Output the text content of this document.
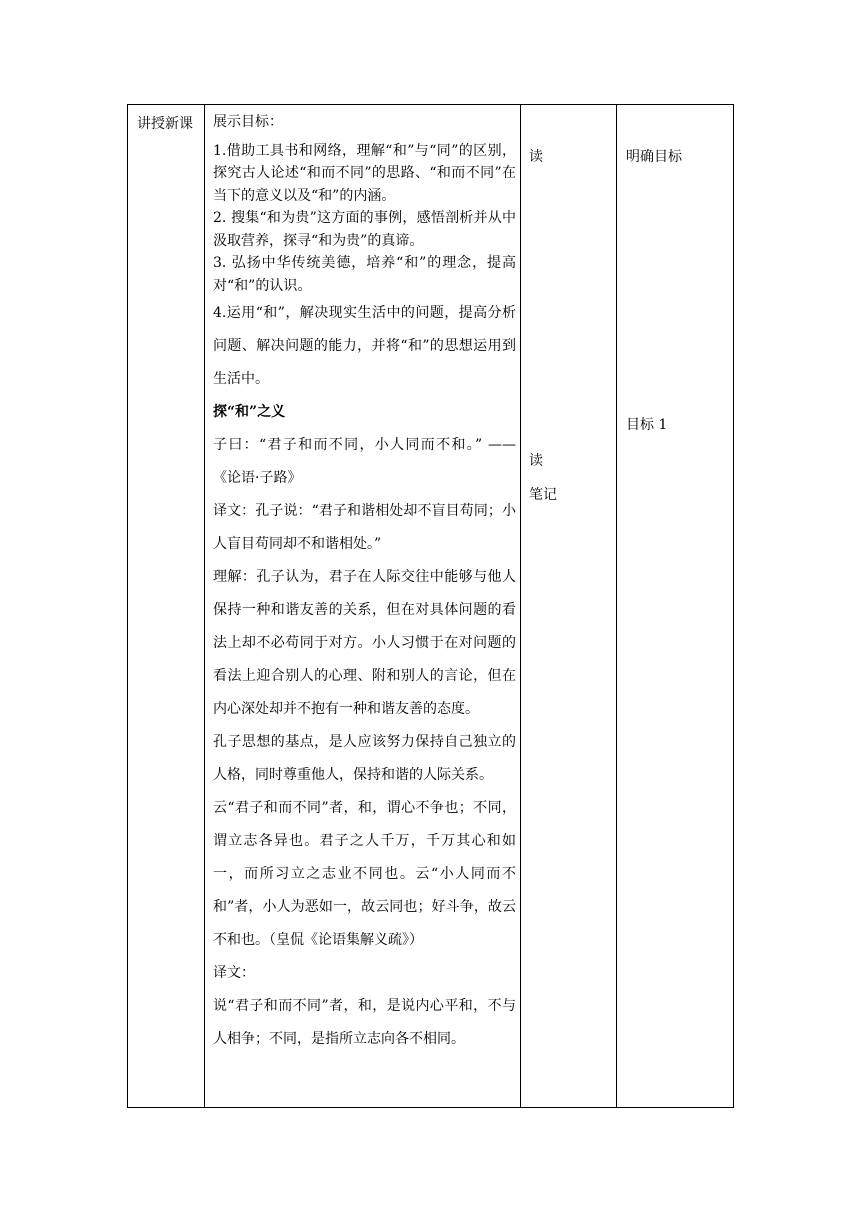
讲授新课 展示目标：

1.借助工具书和网络，理解“和”与“同”的区别，探究古人论述“和而不同”的思路、“和而不同”在当下的意义以及“和”的内涵。

2. 搜集“和为贵”这方面的事例，感悟剖析并从中汲取营养，探寻“和为贵”的真谛。

3. 弘扬中华传统美德，培养“和”的理念，提高对“和”的认识。

4.运用“和”，解决现实生活中的问题，提高分析问题、解决问题的能力，并将“和”的思想运用到生活中。

探“和”之义

子曰：“君子和而不同，小人同而不和。” ——《论语·子路》

译文：孔子说：“君子和谐相处却不盲目苟同；小人盲目苟同却不和谐相处。”

理解：孔子认为，君子在人际交往中能够与他人保持一种和谐友善的关系，但在对具体问题的看法上却不必苟同于对方。小人习惯于在对问题的看法上迎合别人的心理、附和别人的言论，但在内心深处却并不抱有一种和谐友善的态度。

孔子思想的基点，是人应该努力保持自己独立的人格，同时尊重他人，保持和谐的人际关系。

云“君子和而不同”者，和，谓心不争也；不同，谓立志各异也。君子之人千万，千万其心和如一，而所习立之志业不同也。云“小人同而不和”者，小人为恶如一，故云同也；好斗争，故云不和也。（皇侃《论语集解义疏》）

译文：

说“君子和而不同”者，和，是说内心平和，不与人相争；不同，是指所立志向各不相同。

读
读
笔记
明确目标
目标 1
